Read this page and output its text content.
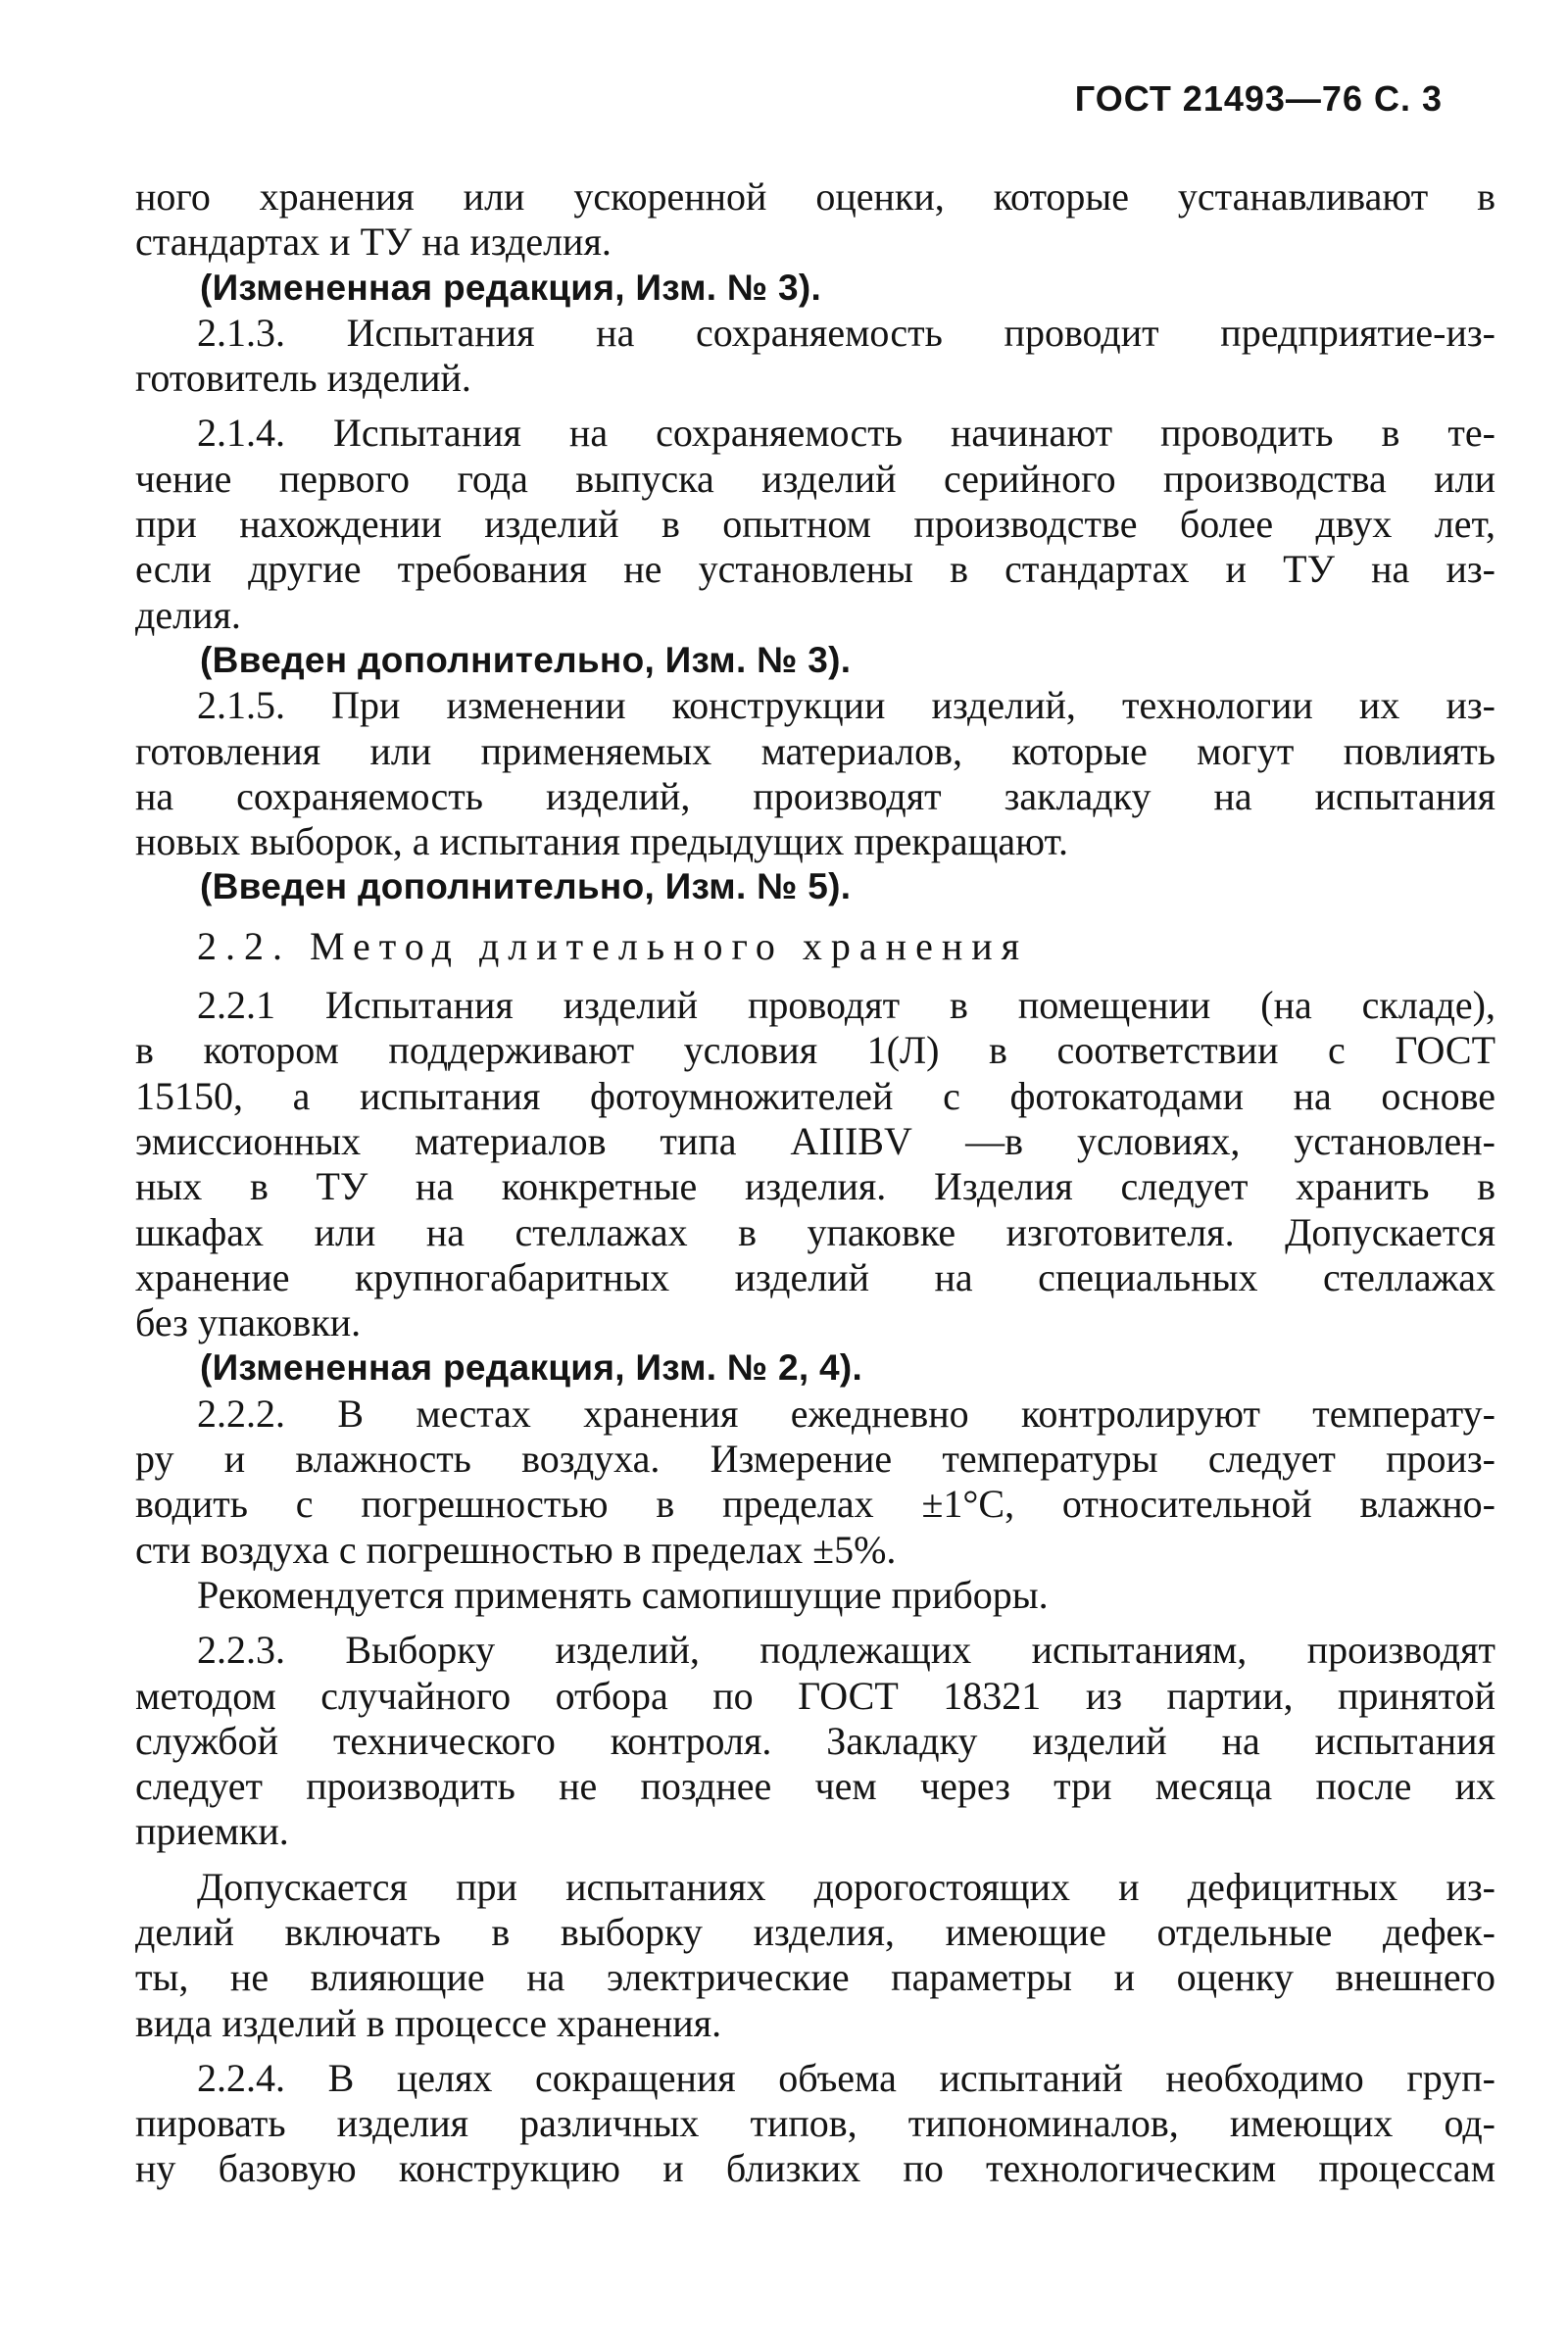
ГОСТ 21493—76 С. 3
ного хранения или ускоренной оценки, которые устанавливают в
стандартах и ТУ на изделия.
(Измененная редакция, Изм. № 3).
2.1.3. Испытания на сохраняемость проводит предприятие-из-
готовитель изделий.
2.1.4. Испытания на сохраняемость начинают проводить в те-
чение первого года выпуска изделий серийного производства или
при нахождении изделий в опытном производстве более двух лет,
если другие требования не установлены в стандартах и ТУ на из-
делия.
(Введен дополнительно, Изм. № 3).
2.1.5. При изменении конструкции изделий, технологии их из-
готовления или применяемых материалов, которые могут повлиять
на сохраняемость изделий, производят закладку на испытания
новых выборок, а испытания предыдущих прекращают.
(Введен дополнительно, Изм. № 5).
2.2. Метод длительного хранения
2.2.1 Испытания изделий проводят в помещении (на складе),
в котором поддерживают условия 1(Л) в соответствии с ГОСТ
15150, а испытания фотоумножителей с фотокатодами на основе
эмиссионных материалов типа AIIIBV —в условиях, установлен-
ных в ТУ на конкретные изделия. Изделия следует хранить в
шкафах или на стеллажах в упаковке изготовителя. Допускается
хранение крупногабаритных изделий на специальных стеллажах
без упаковки.
(Измененная редакция, Изм. № 2, 4).
2.2.2. В местах хранения ежедневно контролируют температу-
ру и влажность воздуха. Измерение температуры следует произ-
водить с погрешностью в пределах ±1°С, относительной влажно-
сти воздуха с погрешностью в пределах ±5%.
Рекомендуется применять самопишущие приборы.
2.2.3. Выборку изделий, подлежащих испытаниям, производят
методом случайного отбора по ГОСТ 18321 из партии, принятой
службой технического контроля. Закладку изделий на испытания
следует производить не позднее чем через три месяца после их
приемки.
Допускается при испытаниях дорогостоящих и дефицитных из-
делий включать в выборку изделия, имеющие отдельные дефек-
ты, не влияющие на электрические параметры и оценку внешнего
вида изделий в процессе хранения.
2.2.4. В целях сокращения объема испытаний необходимо груп-
пировать изделия различных типов, типономиналов, имеющих од-
ну базовую конструкцию и близких по технологическим процессам
